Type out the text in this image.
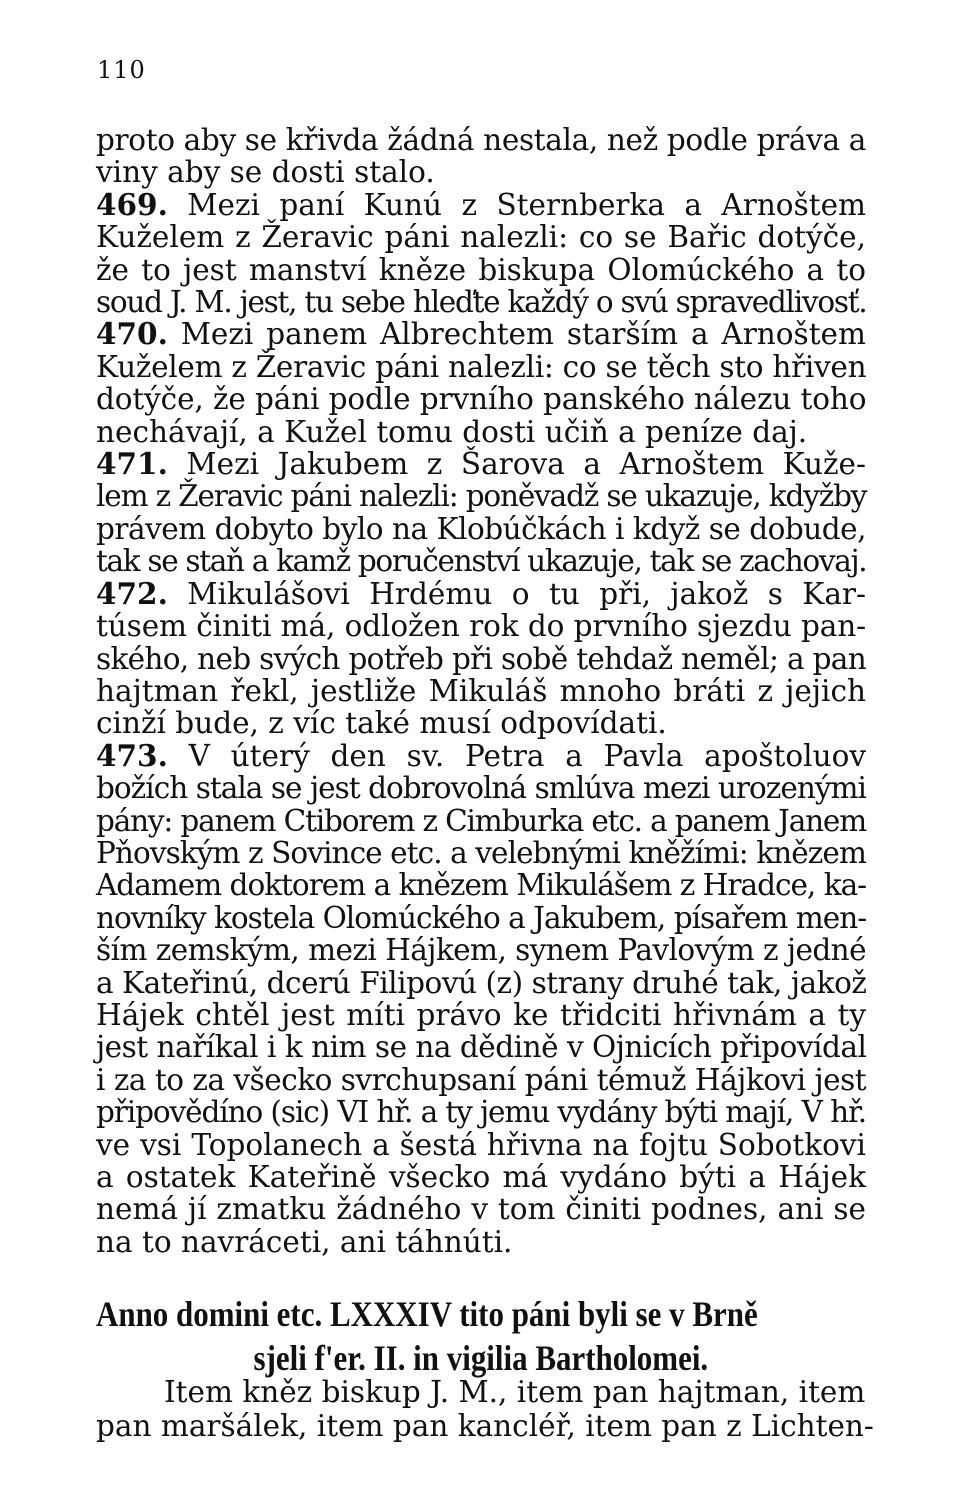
110
proto aby se křivda žádná nestala, než podle práva a
viny aby se dosti stalo.
469. Mezi paní Kunú z Sternberka a Arnoštem
Kuželem z Žeravic páni nalezli: co se Bařic dotýče,
že to jest manství kněze biskupa Olomúckého a to
soud J. M. jest, tu sebe hleďte každý o svú spravedlivosť.
470. Mezi panem Albrechtem starším a Arnoštem
Kuželem z Žeravic páni nalezli: co se těch sto hřiven
dotýče, že páni podle prvního panského nálezu toho
nechávají, a Kužel tomu dosti učiň a peníze daj.
471. Mezi Jakubem z Šarova a Arnoštem Kuže-
lem z Žeravic páni nalezli: poněvadž se ukazuje, kdyžby
právem dobyto bylo na Klobúčkách i když se dobude,
tak se staň a kamž poručenství ukazuje, tak se zachovaj.
472. Mikulášovi Hrdému o tu při, jakož s Kar-
túsem činiti má, odložen rok do prvního sjezdu pan-
ského, neb svých potřeb při sobě tehdaž neměl; a pan
hajtman řekl, jestliže Mikuláš mnoho bráti z jejich
cinží bude, z víc také musí odpovídati.
473. V úterý den sv. Petra a Pavla apoštoluov
božích stala se jest dobrovolná smlúva mezi urozenými
pány: panem Ctiborem z Cimburka etc. a panem Janem
Pňovským z Sovince etc. a velebnými kněžími: knězem
Adamem doktorem a knězem Mikulášem z Hradce, ka-
novníky kostela Olomúckého a Jakubem, písařem men-
ším zemským, mezi Hájkem, synem Pavlovým z jedné
a Kateřinú, dcerú Filipovú (z) strany druhé tak, jakož
Hájek chtěl jest míti právo ke třidciti hřivnám a ty
jest naříkal i k nim se na dědině v Ojnicích připovídal
i za to za všecko svrchupsaní páni témuž Hájkovi jest
připovědíno (sic) VI hř. a ty jemu vydány býti mají, V hř.
ve vsi Topolanech a šestá hřivna na fojtu Sobotkovi
a ostatek Kateřině všecko má vydáno býti a Hájek
nemá jí zmatku žádného v tom činiti podnes, ani se
na to navráceti, ani táhnúti.
Anno domini etc. LXXXIV tito páni byli se v Brně
sjeli f'er. II. in vigilia Bartholomei.
Item kněz biskup J. M., item pan hajtman, item
pan maršálek, item pan kancléř, item pan z Lichten-
